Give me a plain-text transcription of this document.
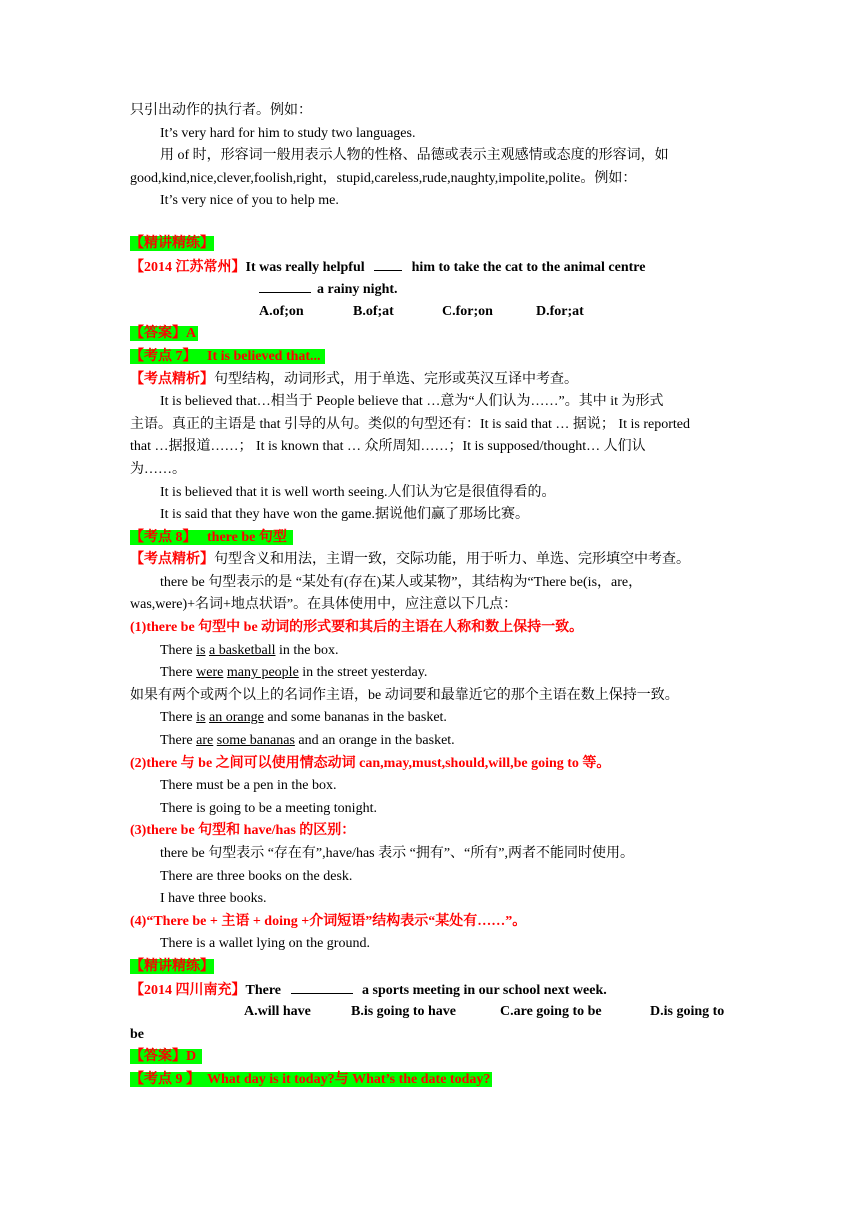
只引出动作的执行者。例如：
It’s very hard for him to study two languages.
用 of 时，形容词一般用表示人物的性格、品德或表示主观感情或态度的形容词，如
good,kind,nice,clever,foolish,right，stupid,careless,rude,naughty,impolite,polite。例如：
It’s very nice of you to help me.
【精讲精练】
【2014 江苏常州】It was really helpful	him to take the cat to the animal centre
a rainy night.
A.of;on	B.of;at	C.for;on	D.for;at
【答案】A
【考点 7】 It is believed that...
【考点精析】句型结构，动词形式，用于单选、完形或英汉互译中考查。
It is believed that…相当于 People believe that …意为“人们认为……”。其中 it 为形式
主语。真正的主语是 that 引导的从句。类似的句型还有：It is said that … 据说； It is reported
that …据报道……； It is known that … 众所周知……；It is supposed/thought… 人们认
为……。
It is believed that it is well worth seeing.人们认为它是很值得看的。
It is said that they have won the game.据说他们赢了那场比赛。
【考点 8】 there be 句型
【考点精析】句型含义和用法，主谓一致，交际功能，用于听力、单选、完形填空中考查。
there be 句型表示的是 “某处有(存在)某人或某物”，其结构为“There be(is，are，
was,were)+名词+地点状语”。在具体使用中，应注意以下几点：
(1)there be 句型中 be 动词的形式要和其后的主语在人称和数上保持一致。
There is a basketball in the box.
There were many people in the street yesterday.
如果有两个或两个以上的名词作主语，be 动词要和最靠近它的那个主语在数上保持一致。
There is an orange and some bananas in the basket.
There are some bananas and an orange in the basket.
(2)there 与 be 之间可以使用情态动词 can,may,must,should,will,be going to 等。
There must be a pen in the box.
There is going to be a meeting tonight.
(3)there be 句型和 have/has 的区别：
there be 句型表示 “存在有”,have/has 表示 “拥有”、“所有”,两者不能同时使用。
There are three books on the desk.
I have three books.
(4)“There be + 主语 + doing +介词短语”结构表示“某处有……”。
There is a wallet lying on the ground.
【精讲精练】
【2014 四川南充】There	a sports meeting in our school next week.
A.will have	B.is going to have	C.are going to be	D.is going to
be
【答案】D
【考点 9 】 What day is it today?与 What’s the date today?
